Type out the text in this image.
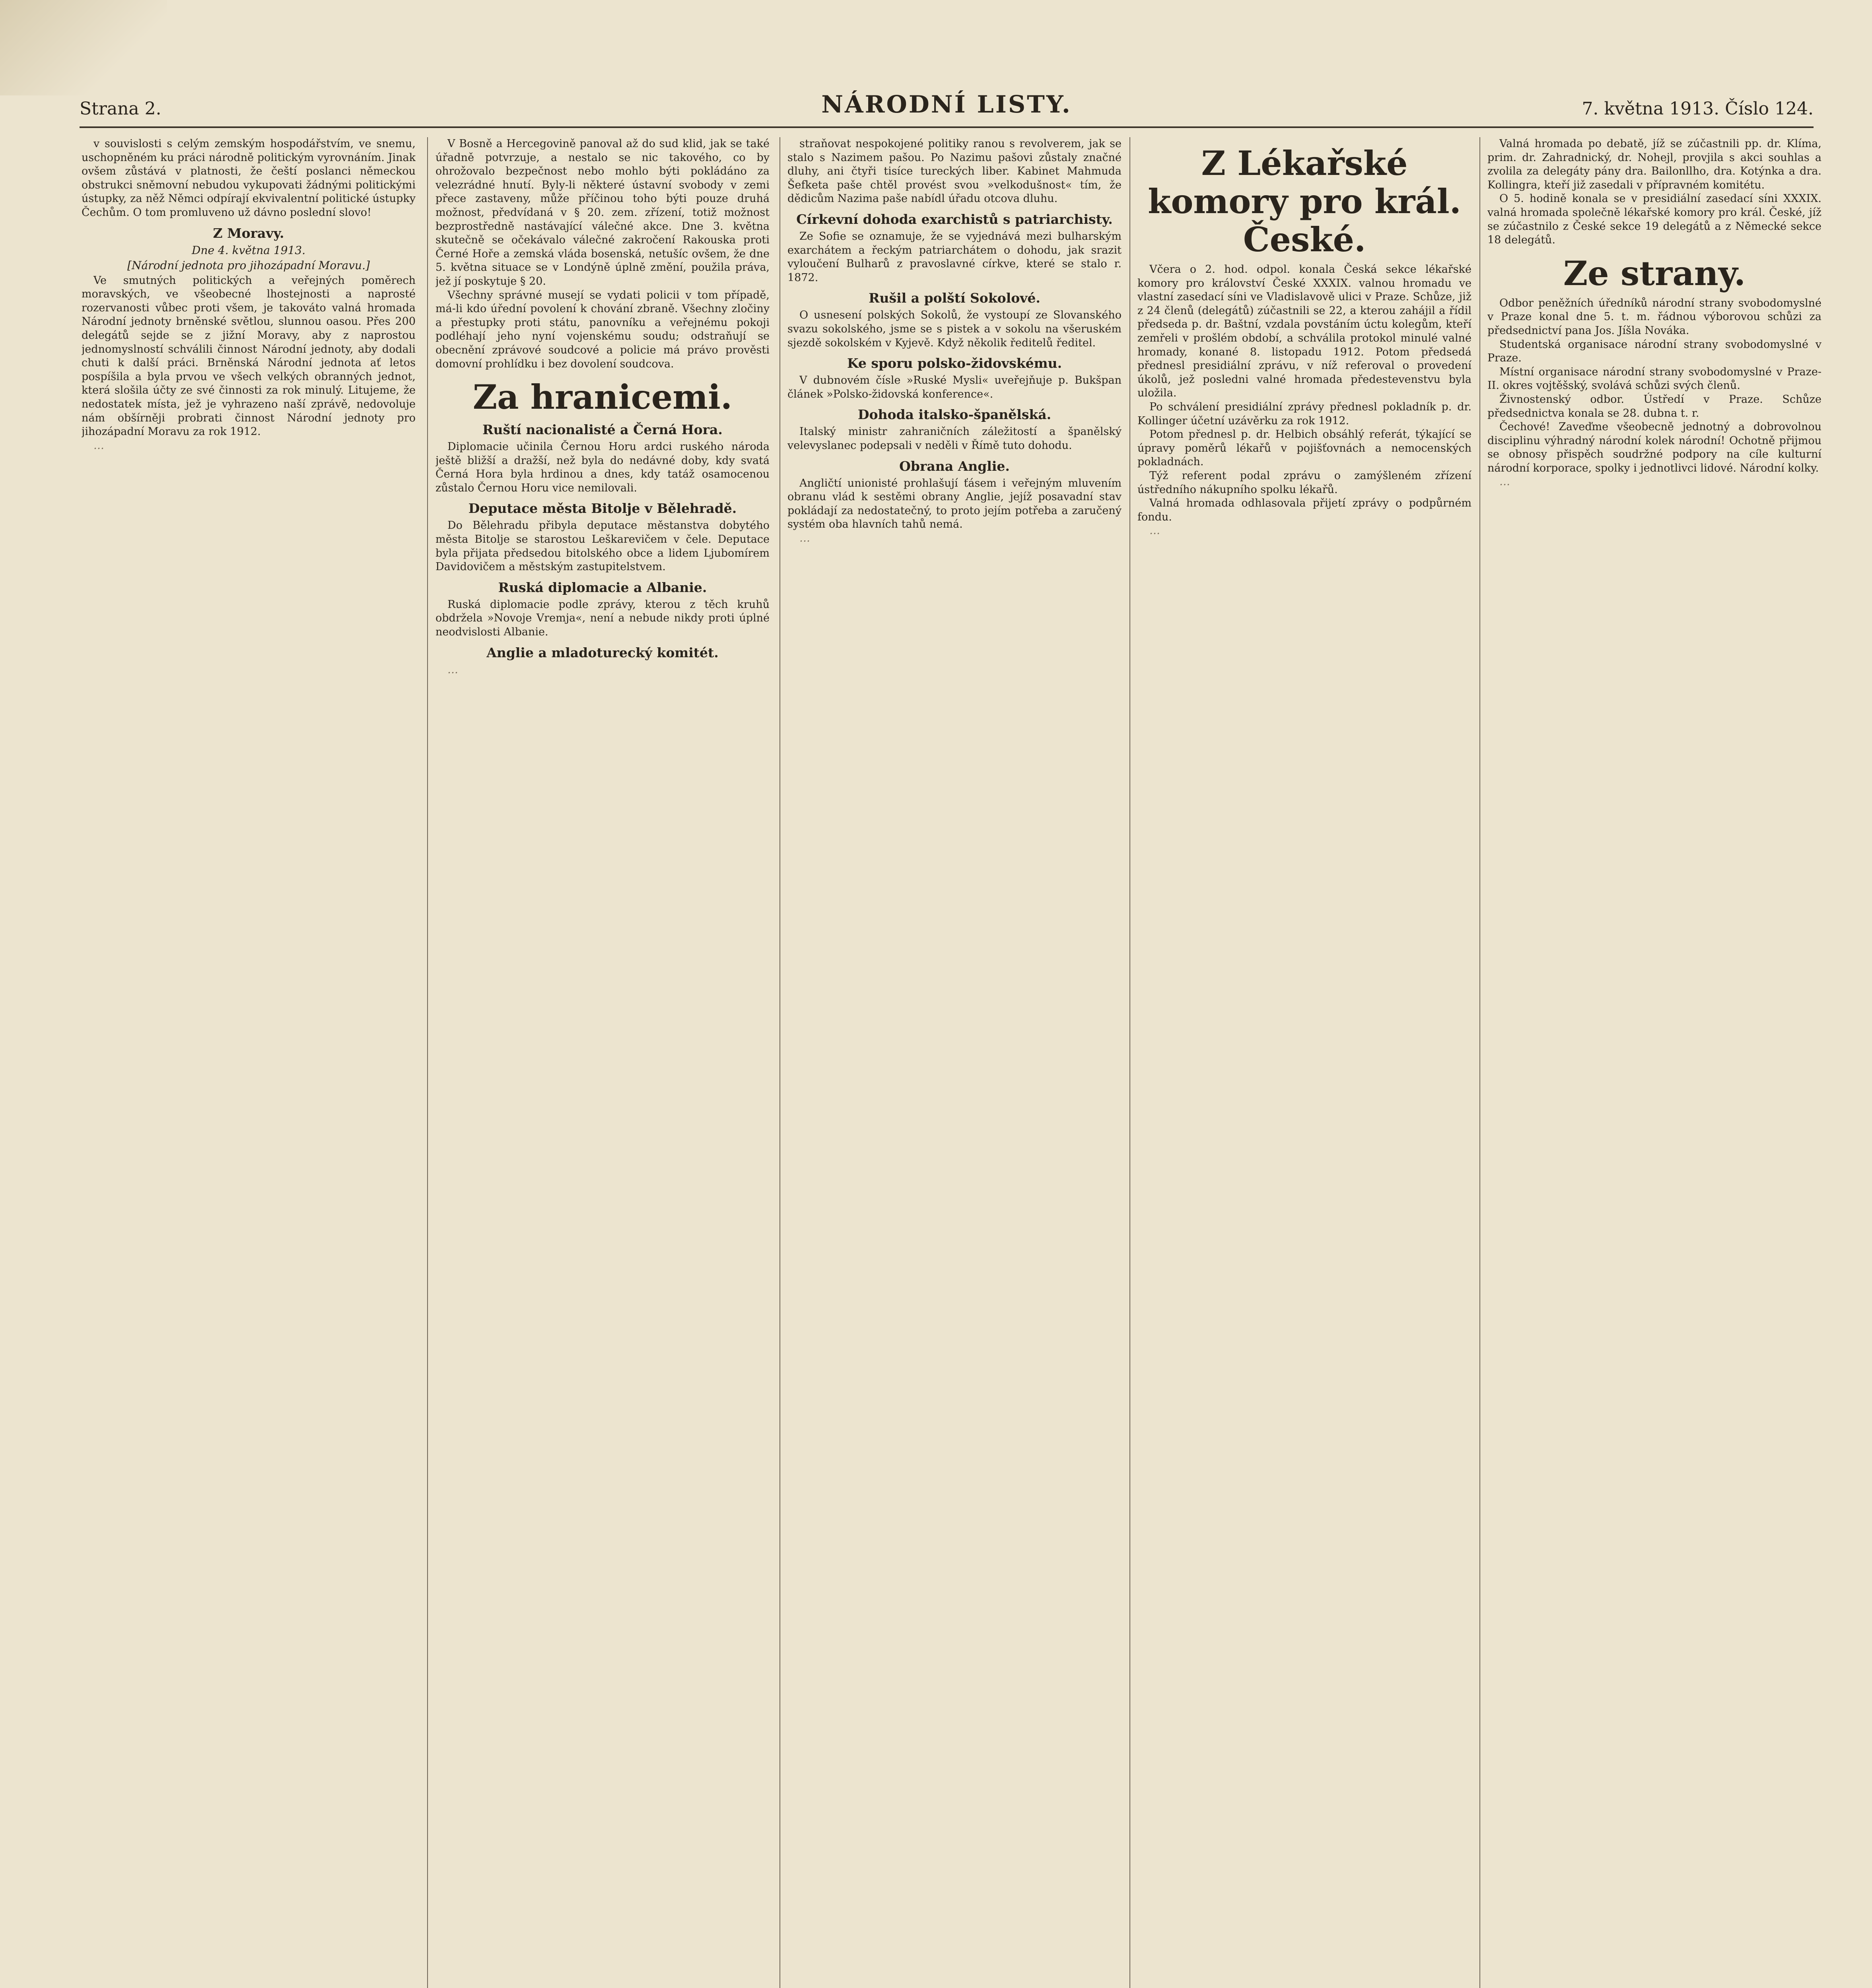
Strana 2.	NÁRODNÍ LISTY.	7. května 1913. Číslo 124.

v souvislosti s celým zemským hospodářstvím, ve snemu, uschopněném ku práci národně politickým vyrovnáním. Jinak ovšem zůstává v platnosti, že čeští poslanci německou obstrukci sněmovní nebudou vykupovati žádnými politickými ústupky, za něž Němci odpírají ekvivalentní politické ústupky Čechům. O tom promluveno už dávno poslední slovo!

Z Moravy.
Dne 4. května 1913.
[Národní jednota pro jihozápadní Moravu.]

Ve smutných politických a veřejných poměrech moravských, ve všeobecné lhostejnosti a naprosté rozervanosti vůbec proti všem, je takováto valná hromada Národní jednoty brněnské světlou, slunnou oasou. Přes 200 delegátů sejde se z jižní Moravy, aby z naprostou jednomyslností schválili činnost Národní jednoty, aby dodali chuti k další práci. Brněnská Národní jednota ať letos pospíšila a byla prvou ve všech velkých obranných jednot, která slošila účty ze své činnosti za rok minulý. Litujeme, že nedostatek místa, jež je vyhrazeno naší zprávě, nedovoluje nám obšírněji probrati činnost Národní jednoty pro jihozápadní Moravu za rok 1912.

…

V Bosně a Hercegovině panoval až do sud klid, jak se také úřadně potvrzuje, a nestalo se nic takového, co by ohrožovalo bezpečnost nebo mohlo býti pokládáno za velezrádné hnutí. Byly-li některé ústavní svobody v zemi přece zastaveny, může příčinou toho býti pouze druhá možnost, předvídaná v § 20. zem. zřízení, totiž možnost bezprostředně nastávající válečné akce. Dne 3. května skutečně se očekávalo válečné zakročení Rakouska proti Černé Hoře a zemská vláda bosenská, netušíc ovšem, že dne 5. května situace se v Londýně úplně změní, použila práva, jež jí poskytuje § 20.

Všechny správné musejí se vydati policii v tom případě, má-li kdo úřední povolení k chování zbraně. Všechny zločiny a přestupky proti státu, panovníku a veřejnému pokoji podléhají jeho nyní vojenskému soudu; odstraňují se obecnění zprávové soudcové a policie má právo prověsti domovní prohlídku i bez dovolení soudcova.

Za hranicemi.
Ruští nacionalisté a Černá Hora.

Diplomacie učinila Černou Horu ardci ruského národa ještě bližší a dražší, než byla do nedávné doby, kdy svatá Černá Hora byla hrdinou a dnes, kdy tatáž osamocenou zůstalo Černou Horu vice nemilovali.

Deputace města Bitolje v Bělehradě.

Do Bělehradu přibyla deputace městanstva dobytého města Bitolje se starostou Leškarevičem v čele. Deputace byla přijata předsedou bitolského obce a lidem Ljubomírem Davidovičem a městským zastupitelstvem.

Ruská diplomacie a Albanie.

Ruská diplomacie podle zprávy, kterou z těch kruhů obdržela »Novoje Vremja«, není a nebude nikdy proti úplné neodvislosti Albanie.

Anglie a mladoturecký komitét.

…

straňovat nespokojené politiky ranou s revolverem, jak se stalo s Nazimem pašou. Po Nazimu pašovi zůstaly značné dluhy, ani čtyři tisíce tureckých liber. Kabinet Mahmuda Šefketa paše chtěl provést svou »velkodušnost« tím, že dědicům Nazima paše nabídl úřadu otcova dluhu.

Církevní dohoda exarchistů s patriarchisty.

Ze Sofie se oznamuje, že se vyjednává mezi bulharským exarchátem a řeckým patriarchátem o dohodu, jak srazit vyloučení Bulharů z pravoslavné církve, které se stalo r. 1872.

Rušil a polští Sokolové.

O usnesení polských Sokolů, že vystoupí ze Slovanského svazu sokolského, jsme se s pistek a v sokolu na všeruském sjezdě sokolském v Kyjevě. Když několik ředitelů ředitel.

Ke sporu polsko-židovskému.

V dubnovém čísle »Ruské Mysli« uveřejňuje p. Bukšpan článek »Polsko-židovská konference«.

Dohoda italsko-španělská.

Italský ministr zahraničních záležitostí a španělský velevyslanec podepsali v neděli v Římě tuto dohodu.

Obrana Anglie.

Angličtí unionisté prohlašují ťásem i veřejným mluvením obranu vlád k sestěmi obrany Anglie, jejíž posavadní stav pokládají za nedostatečný, to proto jejím potřeba a zaručený systém oba hlavních tahů nemá.

…

Z Lékařské komory pro král. České.

Včera o 2. hod. odpol. konala Česká sekce lékařské komory pro království České XXXIX. valnou hromadu ve vlastní zasedací síni ve Vladislavově ulici v Praze. Schůze, již z 24 členů (delegátů) zúčastnili se 22, a kterou zahájil a řídil předseda p. dr. Baštní, vzdala povstáním úctu kolegům, kteří zemřeli v prošlém období, a schválila protokol minulé valné hromady, konané 8. listopadu 1912. Potom předsedá přednesl presidiální zprávu, v níž referoval o provedení úkolů, jež posledni valné hromada předestevenstvu byla uložila.

Po schválení presidiální zprávy přednesl pokladník p. dr. Kollinger účetní uzávěrku za rok 1912.

Potom přednesl p. dr. Helbich obsáhlý referát, týkající se úpravy poměrů lékařů v pojišťovnách a nemocenských pokladnách.

Týž referent podal zprávu o zamýšleném zřízení ústředního nákupního spolku lékařů.

Valná hromada odhlasovala přijetí zprávy o podpůrném fondu.

…

Valná hromada po debatě, jíž se zúčastnili pp. dr. Klíma, prim. dr. Zahradnický, dr. Nohejl, provjila s akci souhlas a zvolila za delegáty pány dra. Bailonllho, dra. Kotýnka a dra. Kollingra, kteří již zasedali v přípravném komitétu.

O 5. hodině konala se v presidiální zasedací síni XXXIX. valná hromada společně lékařské komory pro král. České, jíž se zúčastnilo z České sekce 19 delegátů a z Německé sekce 18 delegátů.

Ze strany.

Odbor peněžních úředníků národní strany svobodomyslné v Praze konal dne 5. t. m. řádnou výborovou schůzi za předsednictví pana Jos. Jíšla Nováka.

Studentská organisace národní strany svobodomyslné v Praze.

Místní organisace národní strany svobodomyslné v Praze-II. okres vojtěšský, svolává schůzi svých členů.

Živnostenský odbor. Ústředí v Praze. Schůze předsednictva konala se 28. dubna t. r.

Čechové! Zaveďme všeobecně jednotný a dobrovolnou disciplinu výhradný národní kolek národní! Ochotně přijmou se obnosy přispěch soudržné podpory na cíle kulturní národní korporace, spolky i jednotlivci lidové. Národní kolky.

…
